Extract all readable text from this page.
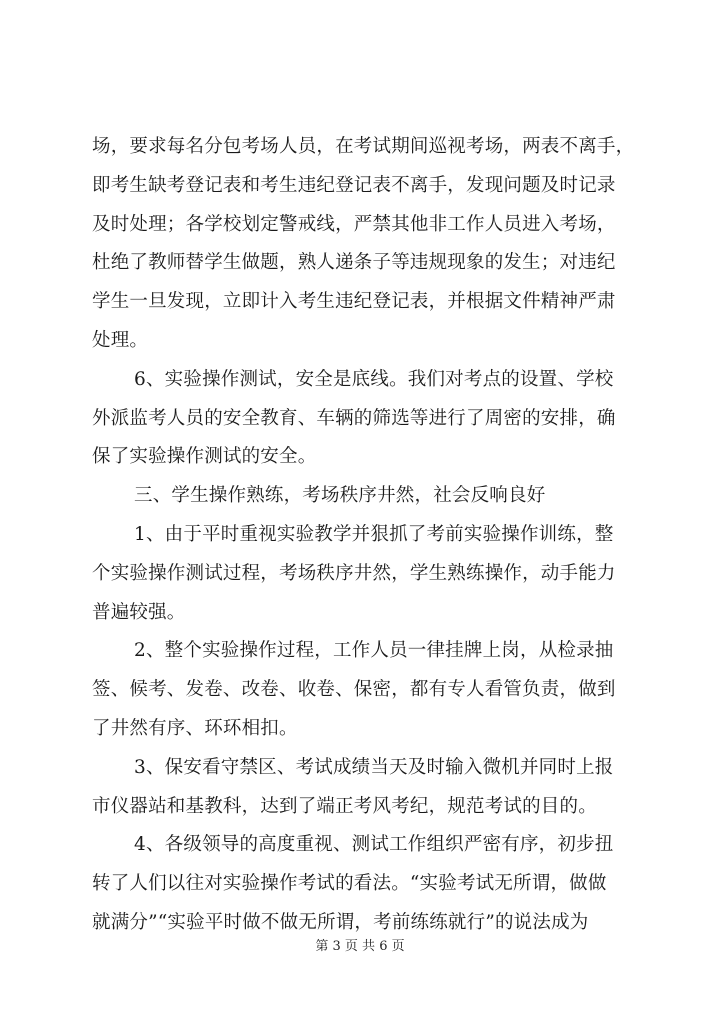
场，要求每名分包考场人员，在考试期间巡视考场，两表不离手，
即考生缺考登记表和考生违纪登记表不离手，发现问题及时记录
及时处理；各学校划定警戒线，严禁其他非工作人员进入考场，
杜绝了教师替学生做题，熟人递条子等违规现象的发生；对违纪
学生一旦发现，立即计入考生违纪登记表，并根据文件精神严肃
处理。
6、实验操作测试，安全是底线。我们对考点的设置、学校
外派监考人员的安全教育、车辆的筛选等进行了周密的安排，确
保了实验操作测试的安全。
三、学生操作熟练，考场秩序井然，社会反响良好
1、由于平时重视实验教学并狠抓了考前实验操作训练，整
个实验操作测试过程，考场秩序井然，学生熟练操作，动手能力
普遍较强。
2、整个实验操作过程，工作人员一律挂牌上岗，从检录抽
签、候考、发卷、改卷、收卷、保密，都有专人看管负责，做到
了井然有序、环环相扣。
3、保安看守禁区、考试成绩当天及时输入微机并同时上报
市仪器站和基教科，达到了端正考风考纪，规范考试的目的。
4、各级领导的高度重视、测试工作组织严密有序，初步扭
转了人们以往对实验操作考试的看法。“实验考试无所谓，做做
就满分”“实验平时做不做无所谓，考前练练就行”的说法成为
第 3 页 共 6 页
